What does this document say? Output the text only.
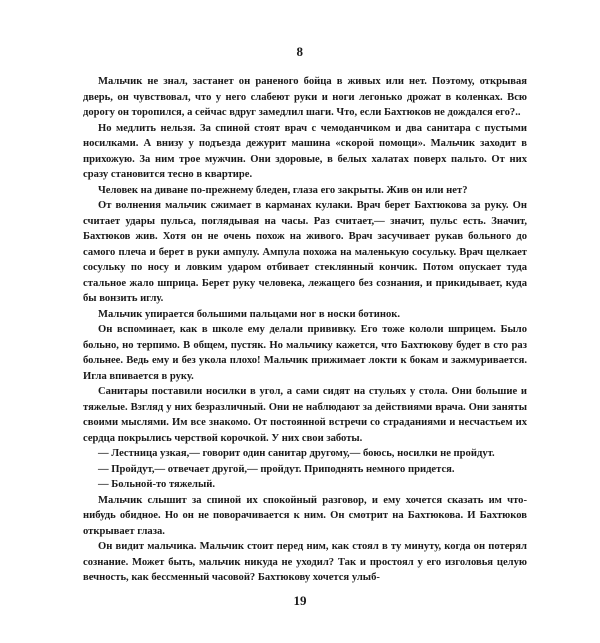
8

Мальчик не знал, застанет он раненого бойца в живых или нет. Поэтому, открывая дверь, он чувствовал, что у него слабеют руки и ноги легонько дрожат в коленках. Всю дорогу он торопился, а сейчас вдруг замедлил шаги. Что, если Бахтюков не дождался его?..

Но медлить нельзя. За спиной стоят врач с чемоданчиком и два санитара с пустыми носилками. А внизу у подъезда дежурит машина «скорой помощи». Мальчик заходит в прихожую. За ним трое мужчин. Они здоровые, в белых халатах поверх пальто. От них сразу становится тесно в квартире.

Человек на диване по-прежнему бледен, глаза его закрыты. Жив он или нет?

От волнения мальчик сжимает в карманах кулаки. Врач берет Бахтюкова за руку. Он считает удары пульса, поглядывая на часы. Раз считает,— значит, пульс есть. Значит, Бахтюков жив. Хотя он не очень похож на живого. Врач засучивает рукав больного до самого плеча и берет в руки ампулу. Ампула похожа на маленькую сосульку. Врач щелкает сосульку по носу и ловким ударом отбивает стеклянный кончик. Потом опускает туда стальное жало шприца. Берет руку человека, лежащего без сознания, и прикидывает, куда бы вонзить иглу.

Мальчик упирается большими пальцами ног в носки ботинок.

Он вспоминает, как в школе ему делали прививку. Его тоже кололи шприцем. Было больно, но терпимо. В общем, пустяк. Но мальчику кажется, что Бахтюкову будет в сто раз больнее. Ведь ему и без укола плохо! Мальчик прижимает локти к бокам и зажмуривается. Игла впивается в руку.

Санитары поставили носилки в угол, а сами сидят на стульях у стола. Они большие и тяжелые. Взгляд у них безразличный. Они не наблюдают за действиями врача. Они заняты своими мыслями. Им все знакомо. От постоянной встречи со страданиями и несчастьем их сердца покрылись черствой корочкой. У них свои заботы.

— Лестница узкая,— говорит один санитар другому,— боюсь, носилки не пройдут.

— Пройдут,— отвечает другой,— пройдут. Приподнять немного придется.

— Больной-то тяжелый.

Мальчик слышит за спиной их спокойный разговор, и ему хочется сказать им что-нибудь обидное. Но он не поворачивается к ним. Он смотрит на Бахтюкова. И Бахтюков открывает глаза.

Он видит мальчика. Мальчик стоит перед ним, как стоял в ту минуту, когда он потерял сознание. Может быть, мальчик никуда не уходил? Так и простоял у его изголовья целую вечность, как бессменный часовой? Бахтюкову хочется улыб-

19
